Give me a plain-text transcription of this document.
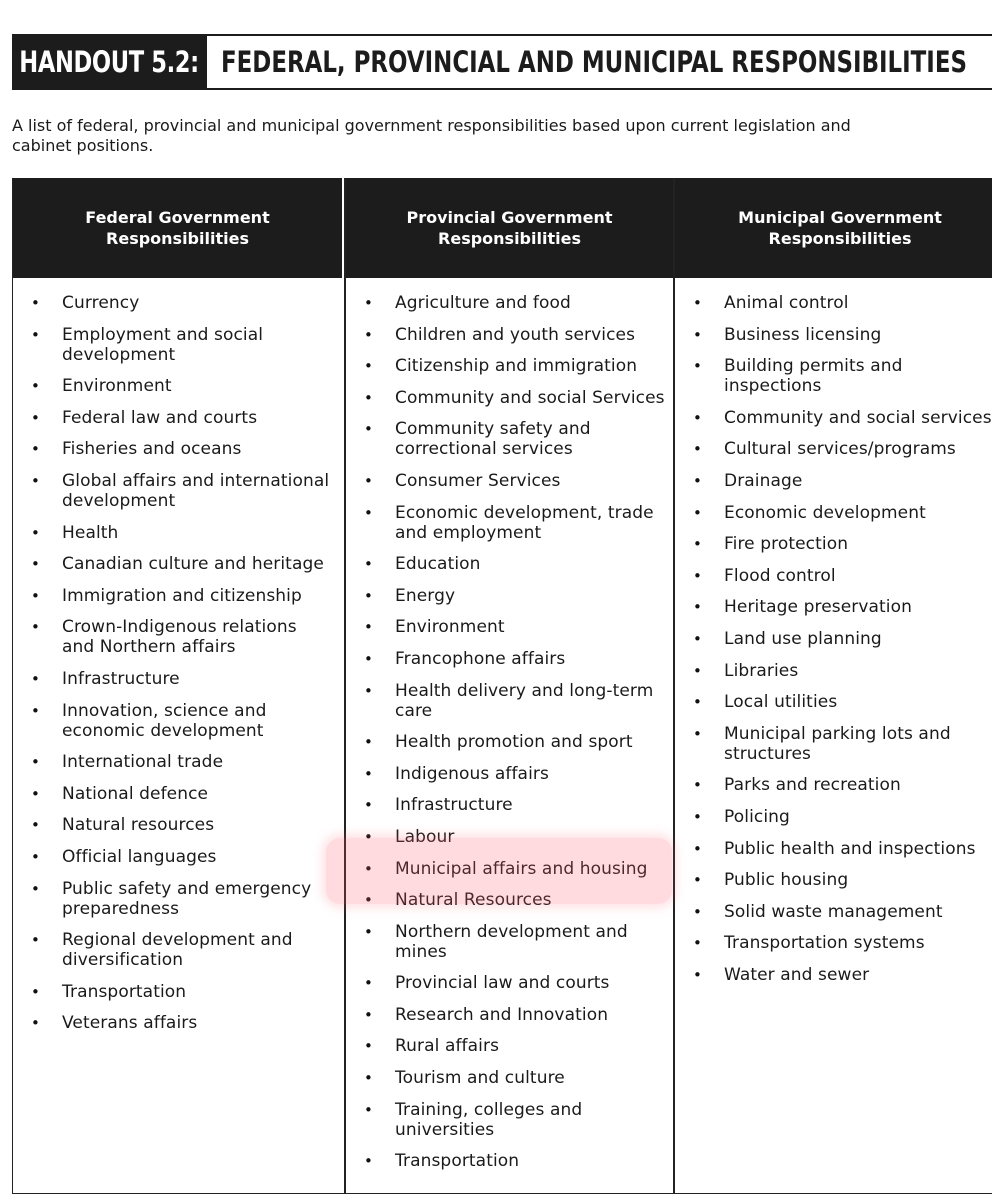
HANDOUT 5.2: FEDERAL, PROVINCIAL AND MUNICIPAL RESPONSIBILITIES
A list of federal, provincial and municipal government responsibilities based upon current legislation and cabinet positions.
Federal Government Responsibilities
• Currency
• Employment and social development
• Environment
• Federal law and courts
• Fisheries and oceans
• Global affairs and international development
• Health
• Canadian culture and heritage
• Immigration and citizenship
• Crown-Indigenous relations and Northern affairs
• Infrastructure
• Innovation, science and economic development
• International trade
• National defence
• Natural resources
• Official languages
• Public safety and emergency preparedness
• Regional development and diversification
• Transportation
• Veterans affairs
Provincial Government Responsibilities
• Agriculture and food
• Children and youth services
• Citizenship and immigration
• Community and social Services
• Community safety and correctional services
• Consumer Services
• Economic development, trade and employment
• Education
• Energy
• Environment
• Francophone affairs
• Health delivery and long-term care
• Health promotion and sport
• Indigenous affairs
• Infrastructure
• Labour
• Municipal affairs and housing
• Natural Resources
• Northern development and mines
• Provincial law and courts
• Research and Innovation
• Rural affairs
• Tourism and culture
• Training, colleges and universities
• Transportation
Municipal Government Responsibilities
• Animal control
• Business licensing
• Building permits and inspections
• Community and social services
• Cultural services/programs
• Drainage
• Economic development
• Fire protection
• Flood control
• Heritage preservation
• Land use planning
• Libraries
• Local utilities
• Municipal parking lots and structures
• Parks and recreation
• Policing
• Public health and inspections
• Public housing
• Solid waste management
• Transportation systems
• Water and sewer
